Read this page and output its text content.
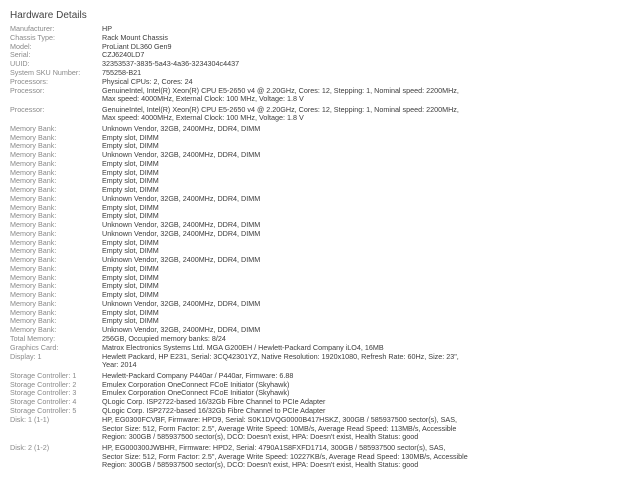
Hardware Details
Manufacturer:	HP
Chassis Type:	Rack Mount Chassis
Model:	ProLiant DL360 Gen9
Serial:	CZJ6240LD7
UUID:	32353537-3835-5a43-4a36-3234304c4437
System SKU Number:	755258-B21
Processors:	Physical CPUs: 2, Cores: 24
Processor:	GenuineIntel, Intel(R) Xeon(R) CPU E5-2650 v4 @ 2.20GHz, Cores: 12, Stepping: 1, Nominal speed: 2200MHz, Max speed: 4000MHz, External Clock: 100 MHz, Voltage: 1.8 V
Processor:	GenuineIntel, Intel(R) Xeon(R) CPU E5-2650 v4 @ 2.20GHz, Cores: 12, Stepping: 1, Nominal speed: 2200MHz, Max speed: 4000MHz, External Clock: 100 MHz, Voltage: 1.8 V
Memory Bank:	Unknown Vendor, 32GB, 2400MHz, DDR4, DIMM
Memory Bank:	Empty slot, DIMM
Memory Bank:	Empty slot, DIMM
Memory Bank:	Unknown Vendor, 32GB, 2400MHz, DDR4, DIMM
Memory Bank:	Empty slot, DIMM
Memory Bank:	Empty slot, DIMM
Memory Bank:	Empty slot, DIMM
Memory Bank:	Empty slot, DIMM
Memory Bank:	Unknown Vendor, 32GB, 2400MHz, DDR4, DIMM
Memory Bank:	Empty slot, DIMM
Memory Bank:	Empty slot, DIMM
Memory Bank:	Unknown Vendor, 32GB, 2400MHz, DDR4, DIMM
Memory Bank:	Unknown Vendor, 32GB, 2400MHz, DDR4, DIMM
Memory Bank:	Empty slot, DIMM
Memory Bank:	Empty slot, DIMM
Memory Bank:	Unknown Vendor, 32GB, 2400MHz, DDR4, DIMM
Memory Bank:	Empty slot, DIMM
Memory Bank:	Empty slot, DIMM
Memory Bank:	Empty slot, DIMM
Memory Bank:	Empty slot, DIMM
Memory Bank:	Unknown Vendor, 32GB, 2400MHz, DDR4, DIMM
Memory Bank:	Empty slot, DIMM
Memory Bank:	Empty slot, DIMM
Memory Bank:	Unknown Vendor, 32GB, 2400MHz, DDR4, DIMM
Total Memory:	256GB, Occupied memory banks: 8/24
Graphics Card:	Matrox Electronics Systems Ltd. MGA G200EH / Hewlett-Packard Company iLO4, 16MB
Display: 1	Hewlett Packard, HP E231, Serial: 3CQ42301YZ, Native Resolution: 1920x1080, Refresh Rate: 60Hz, Size: 23", Year: 2014
Storage Controller: 1	Hewlett-Packard Company P440ar / P440ar, Firmware: 6.88
Storage Controller: 2	Emulex Corporation OneConnect FCoE Initiator (Skyhawk)
Storage Controller: 3	Emulex Corporation OneConnect FCoE Initiator (Skyhawk)
Storage Controller: 4	QLogic Corp. ISP2722-based 16/32Gb Fibre Channel to PCIe Adapter
Storage Controller: 5	QLogic Corp. ISP2722-based 16/32Gb Fibre Channel to PCIe Adapter
Disk: 1 (1-1)	HP, EG0300FCVBF, Firmware: HPD9, Serial: S0K1DVQG0000B417HSKZ, 300GB / 585937500 sector(s), SAS, Sector Size: 512, Form Factor: 2.5", Average Write Speed: 10MB/s, Average Read Speed: 113MB/s, Accessible Region: 300GB / 585937500 sector(s), DCO: Doesn't exist, HPA: Doesn't exist, Health Status: good
Disk: 2 (1-2)	HP, EG000300JWBHR, Firmware: HPD2, Serial: 4790A1S8FXFD1714, 300GB / 585937500 sector(s), SAS, Sector Size: 512, Form Factor: 2.5", Average Write Speed: 10227KB/s, Average Read Speed: 130MB/s, Accessible Region: 300GB / 585937500 sector(s), DCO: Doesn't exist, HPA: Doesn't exist, Health Status: good
